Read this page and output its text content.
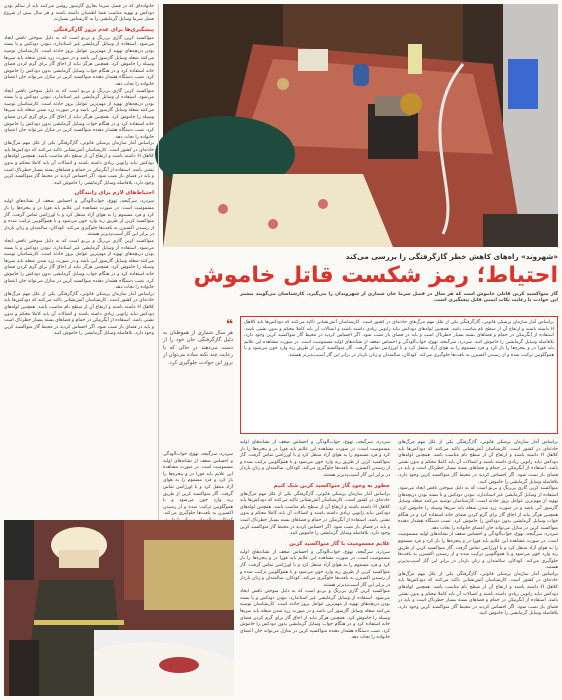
خانواده‌ای که در فصل سرما بخاری گازسوز روشن می‌کنند باید از سالم بودن دودکش و تهویه مناسب فضا اطمینان داشته باشند و هر سال پیش از شروع فصل سرما وسایل گرمایشی را به کارشناس بسپارند.
پیشگیری‌ها برای عدم بروز گازگرفتگی
منواکسید کربن گازی بی‌رنگ و بی‌بو است که به دلیل سوختن ناقص ایجاد می‌شود. استفاده از وسایل گرمایشی غیر استاندارد، نبودن دودکش و یا بسته بودن دریچه‌های تهویه از مهم‌ترین عوامل بروز حادثه است. کارشناسان توصیه می‌کنند شعله وسایل گازسوز آبی باشد و در صورت زرد شدن شعله باید سریعا وسیله را خاموش کرد. همچنین هرگز نباید از اجاق گاز برای گرم کردن فضای خانه استفاده کرد و در هنگام خواب وسایل گرمایشی بدون دودکش را خاموش کرد. نصب دستگاه هشدار دهنده منواکسید کربن در منازل می‌تواند جان اعضای خانواده را نجات دهد.
منواکسید کربن گازی بی‌رنگ و بی‌بو است که به دلیل سوختن ناقص ایجاد می‌شود. استفاده از وسایل گرمایشی غیر استاندارد، نبودن دودکش و یا بسته بودن دریچه‌های تهویه از مهم‌ترین عوامل بروز حادثه است. کارشناسان توصیه می‌کنند شعله وسایل گازسوز آبی باشد و در صورت زرد شدن شعله باید سریعا وسیله را خاموش کرد. همچنین هرگز نباید از اجاق گاز برای گرم کردن فضای خانه استفاده کرد و در هنگام خواب وسایل گرمایشی بدون دودکش را خاموش کرد. نصب دستگاه هشدار دهنده منواکسید کربن در منازل می‌تواند جان اعضای خانواده را نجات دهد.
براساس آمار سازمان پزشکی قانونی، گازگرفتگی یکی از علل مهم مرگ‌های حادثه‌ای در کشور است. کارشناسان آتش‌نشانی تاکید می‌کنند که دودکش‌ها باید کلاهک H داشته باشند و ارتفاع آن از سطح بام مناسب باشد. همچنین لوله‌های دودکش نباید زانویی زیادی داشته باشند و اتصالات آن باید کاملا محکم و بدون نشتی باشد. استفاده از آبگرمکن در حمام و فضاهای بسته بسیار خطرناک است و باید در فضای باز نصب شود. اگر احساس کردید در محیط گاز منواکسید کربن وجود دارد، بلافاصله وسایل گرمایشی را خاموش کنید.
احتیاط‌های لازم برای رانندگان
سردرد، سرگیجه، تهوع، خواب‌آلودگی و احساس ضعف از نشانه‌های اولیه مسمومیت است. در صورت مشاهده این علایم باید فورا در و پنجره‌ها را باز کرد و فرد مسموم را به هوای آزاد منتقل کرد و با اورژانس تماس گرفت. گاز منواکسید کربن از طریق ریه وارد خون می‌شود و با هموگلوبین ترکیب شده و از رسیدن اکسیژن به بافت‌ها جلوگیری می‌کند. کودکان، سالمندان و زنان باردار در برابر این گاز آسیب‌پذیرتر هستند.
منواکسید کربن گازی بی‌رنگ و بی‌بو است که به دلیل سوختن ناقص ایجاد می‌شود. استفاده از وسایل گرمایشی غیر استاندارد، نبودن دودکش و یا بسته بودن دریچه‌های تهویه از مهم‌ترین عوامل بروز حادثه است. کارشناسان توصیه می‌کنند شعله وسایل گازسوز آبی باشد و در صورت زرد شدن شعله باید سریعا وسیله را خاموش کرد. همچنین هرگز نباید از اجاق گاز برای گرم کردن فضای خانه استفاده کرد و در هنگام خواب وسایل گرمایشی بدون دودکش را خاموش کرد. نصب دستگاه هشدار دهنده منواکسید کربن در منازل می‌تواند جان اعضای خانواده را نجات دهد.
براساس آمار سازمان پزشکی قانونی، گازگرفتگی یکی از علل مهم مرگ‌های حادثه‌ای در کشور است. کارشناسان آتش‌نشانی تاکید می‌کنند که دودکش‌ها باید کلاهک H داشته باشند و ارتفاع آن از سطح بام مناسب باشد. همچنین لوله‌های دودکش نباید زانویی زیادی داشته باشند و اتصالات آن باید کاملا محکم و بدون نشتی باشد. استفاده از آبگرمکن در حمام و فضاهای بسته بسیار خطرناک است و باید در فضای باز نصب شود. اگر احساس کردید در محیط گاز منواکسید کربن وجود دارد، بلافاصله وسایل گرمایشی را خاموش کنید.
عکس: ایرنا
«شهروند» راه‌های کاهش خطر گازگرفتگی را بررسی می‌کند
احتیاط؛ رمز شکست قاتل خاموش
گاز منواکسید کربن قاتلی خاموش است که هر سال در فصل سرما جان شماری از شهروندان را می‌گیرد. کارشناسان می‌گویند بیشتر این حوادث با رعایت نکات ایمنی قابل پیشگیری است.
براساس آمار سازمان پزشکی قانونی، گازگرفتگی یکی از علل مهم مرگ‌های حادثه‌ای در کشور است. کارشناسان آتش‌نشانی تاکید می‌کنند که دودکش‌ها باید کلاهک H داشته باشند و ارتفاع آن از سطح بام مناسب باشد. همچنین لوله‌های دودکش نباید زانویی زیادی داشته باشند و اتصالات آن باید کاملا محکم و بدون نشتی باشد. استفاده از آبگرمکن در حمام و فضاهای بسته بسیار خطرناک است و باید در فضای باز نصب شود. اگر احساس کردید در محیط گاز منواکسید کربن وجود دارد، بلافاصله وسایل گرمایشی را خاموش کنید. سردرد، سرگیجه، تهوع، خواب‌آلودگی و احساس ضعف از نشانه‌های اولیه مسمومیت است. در صورت مشاهده این علایم باید فورا در و پنجره‌ها را باز کرد و فرد مسموم را به هوای آزاد منتقل کرد و با اورژانس تماس گرفت. گاز منواکسید کربن از طریق ریه وارد خون می‌شود و با هموگلوبین ترکیب شده و از رسیدن اکسیژن به بافت‌ها جلوگیری می‌کند. کودکان، سالمندان و زنان باردار در برابر این گاز آسیب‌پذیرتر هستند.
❝
هر سال شماری از هموطنان به دلیل گازگرفتگی جان خود را از دست می‌دهند در حالی که با رعایت چند نکته ساده می‌توان از بروز این حوادث جلوگیری کرد.
سردرد، سرگیجه، تهوع، خواب‌آلودگی و احساس ضعف از نشانه‌های اولیه مسمومیت است. در صورت مشاهده این علایم باید فورا در و پنجره‌ها را باز کرد و فرد مسموم را به هوای آزاد منتقل کرد و با اورژانس تماس گرفت. گاز منواکسید کربن از طریق ریه وارد خون می‌شود و با هموگلوبین ترکیب شده و از رسیدن اکسیژن به بافت‌ها جلوگیری می‌کند. کودکان، سالمندان و زنان باردار در برابر این گاز آسیب‌پذیرتر هستند.
چطور به وجود گاز منواکسید کربن شک کنیم
براساس آمار سازمان پزشکی قانونی، گازگرفتگی یکی از علل مهم مرگ‌های حادثه‌ای در کشور است. کارشناسان آتش‌نشانی تاکید می‌کنند که دودکش‌ها باید کلاهک H داشته باشند و ارتفاع آن از سطح بام مناسب باشد. همچنین لوله‌های دودکش نباید زانویی زیادی داشته باشند و اتصالات آن باید کاملا محکم و بدون نشتی باشد. استفاده از آبگرمکن در حمام و فضاهای بسته بسیار خطرناک است و باید در فضای باز نصب شود. اگر احساس کردید در محیط گاز منواکسید کربن وجود دارد، بلافاصله وسایل گرمایشی را خاموش کنید.
علایم مسمومیت با گاز منواکسید کربن
سردرد، سرگیجه، تهوع، خواب‌آلودگی و احساس ضعف از نشانه‌های اولیه مسمومیت است. در صورت مشاهده این علایم باید فورا در و پنجره‌ها را باز کرد و فرد مسموم را به هوای آزاد منتقل کرد و با اورژانس تماس گرفت. گاز منواکسید کربن از طریق ریه وارد خون می‌شود و با هموگلوبین ترکیب شده و از رسیدن اکسیژن به بافت‌ها جلوگیری می‌کند. کودکان، سالمندان و زنان باردار در برابر این گاز آسیب‌پذیرتر هستند.
منواکسید کربن گازی بی‌رنگ و بی‌بو است که به دلیل سوختن ناقص ایجاد می‌شود. استفاده از وسایل گرمایشی غیر استاندارد، نبودن دودکش و یا بسته بودن دریچه‌های تهویه از مهم‌ترین عوامل بروز حادثه است. کارشناسان توصیه می‌کنند شعله وسایل گازسوز آبی باشد و در صورت زرد شدن شعله باید سریعا وسیله را خاموش کرد. همچنین هرگز نباید از اجاق گاز برای گرم کردن فضای خانه استفاده کرد و در هنگام خواب وسایل گرمایشی بدون دودکش را خاموش کرد. نصب دستگاه هشدار دهنده منواکسید کربن در منازل می‌تواند جان اعضای خانواده را نجات دهد.
براساس آمار سازمان پزشکی قانونی، گازگرفتگی یکی از علل مهم مرگ‌های حادثه‌ای در کشور است. کارشناسان آتش‌نشانی تاکید می‌کنند که دودکش‌ها باید کلاهک H داشته باشند و ارتفاع آن از سطح بام مناسب باشد. همچنین لوله‌های دودکش نباید زانویی زیادی داشته باشند و اتصالات آن باید کاملا محکم و بدون نشتی باشد. استفاده از آبگرمکن در حمام و فضاهای بسته بسیار خطرناک است و باید در فضای باز نصب شود. اگر احساس کردید در محیط گاز منواکسید کربن وجود دارد، بلافاصله وسایل گرمایشی را خاموش کنید.
منواکسید کربن گازی بی‌رنگ و بی‌بو است که به دلیل سوختن ناقص ایجاد می‌شود. استفاده از وسایل گرمایشی غیر استاندارد، نبودن دودکش و یا بسته بودن دریچه‌های تهویه از مهم‌ترین عوامل بروز حادثه است. کارشناسان توصیه می‌کنند شعله وسایل گازسوز آبی باشد و در صورت زرد شدن شعله باید سریعا وسیله را خاموش کرد. همچنین هرگز نباید از اجاق گاز برای گرم کردن فضای خانه استفاده کرد و در هنگام خواب وسایل گرمایشی بدون دودکش را خاموش کرد. نصب دستگاه هشدار دهنده منواکسید کربن در منازل می‌تواند جان اعضای خانواده را نجات دهد.
سردرد، سرگیجه، تهوع، خواب‌آلودگی و احساس ضعف از نشانه‌های اولیه مسمومیت است. در صورت مشاهده این علایم باید فورا در و پنجره‌ها را باز کرد و فرد مسموم را به هوای آزاد منتقل کرد و با اورژانس تماس گرفت. گاز منواکسید کربن از طریق ریه وارد خون می‌شود و با هموگلوبین ترکیب شده و از رسیدن اکسیژن به بافت‌ها جلوگیری می‌کند. کودکان، سالمندان و زنان باردار در برابر این گاز آسیب‌پذیرتر هستند.
براساس آمار سازمان پزشکی قانونی، گازگرفتگی یکی از علل مهم مرگ‌های حادثه‌ای در کشور است. کارشناسان آتش‌نشانی تاکید می‌کنند که دودکش‌ها باید کلاهک H داشته باشند و ارتفاع آن از سطح بام مناسب باشد. همچنین لوله‌های دودکش نباید زانویی زیادی داشته باشند و اتصالات آن باید کاملا محکم و بدون نشتی باشد. استفاده از آبگرمکن در حمام و فضاهای بسته بسیار خطرناک است و باید در فضای باز نصب شود. اگر احساس کردید در محیط گاز منواکسید کربن وجود دارد، بلافاصله وسایل گرمایشی را خاموش کنید.
سردرد، سرگیجه، تهوع، خواب‌آلودگی و احساس ضعف از نشانه‌های اولیه مسمومیت است. در صورت مشاهده این علایم باید فورا در و پنجره‌ها را باز کرد و فرد مسموم را به هوای آزاد منتقل کرد و با اورژانس تماس گرفت. گاز منواکسید کربن از طریق ریه وارد خون می‌شود و با هموگلوبین ترکیب شده و از رسیدن اکسیژن به بافت‌ها جلوگیری می‌کند.
